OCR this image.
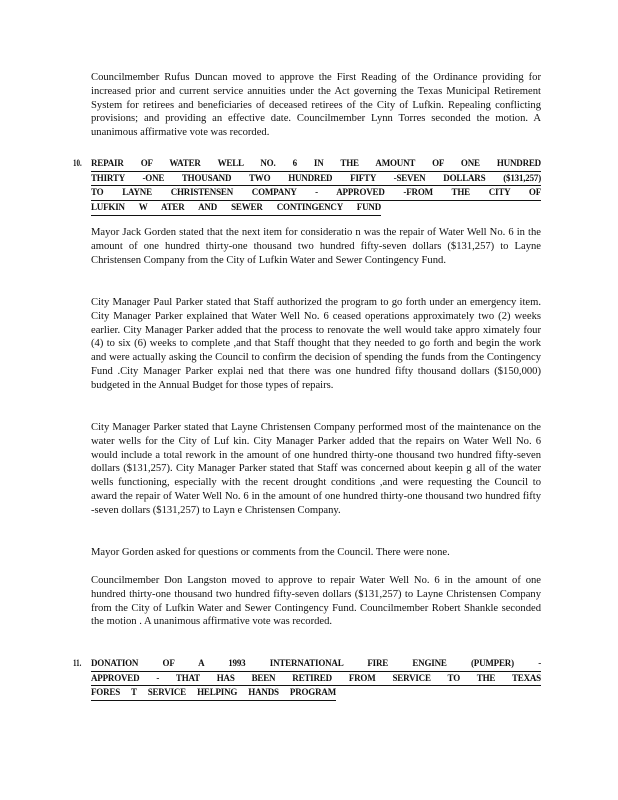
Councilmember Rufus Duncan moved to approve the First Reading of the Ordinance providing for increased prior and current service annuities under the Act governing the Texas Municipal Retirement System for retirees and beneficiaries of deceased retirees of the City of Lufkin. Repealing conflicting provisions; and providing an effective date. Councilmember Lynn Torres seconded the motion. A unanimous affirmative vote was recorded.

10. REPAIR OF WATER WELL NO. 6 IN THE AMOUNT OF ONE HUNDRED
THIRTY -ONE THOUSAND TWO HUNDRED FIFTY -SEVEN DOLLARS ($131,257)
TO LAYNE CHRISTENSEN COMPANY - APPROVED -FROM THE CITY OF
LUFKIN W ATER AND SEWER CONTINGENCY FUND

Mayor Jack Gorden stated that the next item for consideratio n was the repair of Water Well No. 6 in the amount of one hundred thirty-one thousand two hundred fifty-seven dollars ($131,257) to Layne Christensen Company from the City of Lufkin Water and Sewer Contingency Fund.

City Manager Paul Parker stated that Staff authorized the program to go forth under an emergency item. City Manager Parker explained that Water Well No. 6 ceased operations approximately two (2) weeks earlier. City Manager Parker added that the process to renovate the well would take appro ximately four (4) to six (6) weeks to complete ,and that Staff thought that they needed to go forth and begin the work and were actually asking the Council to confirm the decision of spending the funds from the Contingency Fund .City Manager Parker explai ned that there was one hundred fifty thousand dollars ($150,000) budgeted in the Annual Budget for those types of repairs.

City Manager Parker stated that Layne Christensen Company performed most of the maintenance on the water wells for the City of Luf kin. City Manager Parker added that the repairs on Water Well No. 6 would include a total rework in the amount of one hundred thirty-one thousand two hundred fifty-seven dollars ($131,257). City Manager Parker stated that Staff was concerned about keepin g all of the water wells functioning, especially with the recent drought conditions ,and were requesting the Council to award the repair of Water Well No. 6 in the amount of one hundred thirty-one thousand two hundred fifty -seven dollars ($131,257) to Layn e Christensen Company.

Mayor Gorden asked for questions or comments from the Council. There were none.

Councilmember Don Langston moved to approve to repair Water Well No. 6 in the amount of one hundred thirty-one thousand two hundred fifty-seven dollars ($131,257) to Layne Christensen Company from the City of Lufkin Water and Sewer Contingency Fund. Councilmember Robert Shankle seconded the motion . A unanimous affirmative vote was recorded.

11. DONATION OF A 1993 INTERNATIONAL FIRE ENGINE (PUMPER) -
APPROVED - THAT HAS BEEN RETIRED FROM SERVICE TO THE TEXAS
FORES T SERVICE HELPING HANDS PROGRAM
